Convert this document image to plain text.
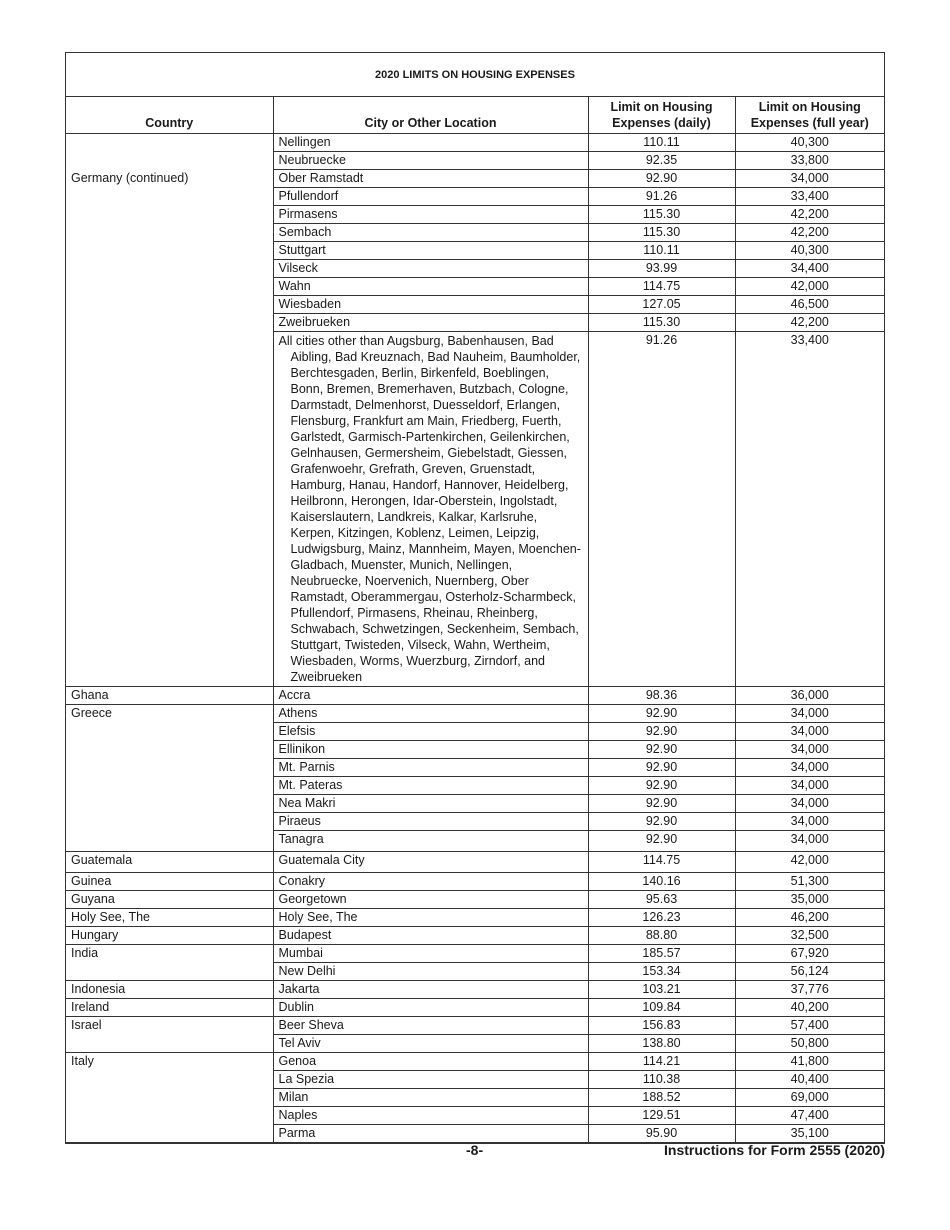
2020 LIMITS ON HOUSING EXPENSES
Country	City or Other Location	Limit on Housing Expenses (daily)	Limit on Housing Expenses (full year)
	Nellingen	110.11	40,300
	Neubruecke	92.35	33,800
Germany (continued)	Ober Ramstadt	92.90	34,000
	Pfullendorf	91.26	33,400
	Pirmasens	115.30	42,200
	Sembach	115.30	42,200
	Stuttgart	110.11	40,300
	Vilseck	93.99	34,400
	Wahn	114.75	42,000
	Wiesbaden	127.05	46,500
	Zweibrueken	115.30	42,200

	All cities other than Augsburg, Babenhausen, Bad Aibling, Bad Kreuznach, Bad Nauheim, Baumholder, Berchtesgaden, Berlin, Birkenfeld, Boeblingen, Bonn, Bremen, Bremerhaven, Butzbach, Cologne, Darmstadt, Delmenhorst, Duesseldorf, Erlangen, Flensburg, Frankfurt am Main, Friedberg, Fuerth, Garlstedt, Garmisch-Partenkirchen, Geilenkirchen, Gelnhausen, Germersheim, Giebelstadt, Giessen, Grafenwoehr, Grefrath, Greven, Gruenstadt, Hamburg, Hanau, Handorf, Hannover, Heidelberg, Heilbronn, Herongen, Idar-Oberstein, Ingolstadt, Kaiserslautern, Landkreis, Kalkar, Karlsruhe, Kerpen, Kitzingen, Koblenz, Leimen, Leipzig, Ludwigsburg, Mainz, Mannheim, Mayen, Moenchen-Gladbach, Muenster, Munich, Nellingen, Neubruecke, Noervenich, Nuernberg, Ober Ramstadt, Oberammergau, Osterholz-Scharmbeck, Pfullendorf, Pirmasens, Rheinau, Rheinberg, Schwabach, Schwetzingen, Seckenheim, Sembach, Stuttgart, Twisteden, Vilseck, Wahn, Wertheim, Wiesbaden, Worms, Wuerzburg, Zirndorf, and Zweibrueken	91.26	33,400
Ghana	Accra	98.36	36,000
Greece	Athens	92.90	34,000
	Elefsis	92.90	34,000
	Ellinikon	92.90	34,000
	Mt. Parnis	92.90	34,000
	Mt. Pateras	92.90	34,000
	Nea Makri	92.90	34,000
	Piraeus	92.90	34,000
	Tanagra	92.90	34,000
Guatemala	Guatemala City	114.75	42,000
Guinea	Conakry	140.16	51,300
Guyana	Georgetown	95.63	35,000
Holy See, The	Holy See, The	126.23	46,200
Hungary	Budapest	88.80	32,500
India	Mumbai	185.57	67,920
	New Delhi	153.34	56,124
Indonesia	Jakarta	103.21	37,776
Ireland	Dublin	109.84	40,200
Israel	Beer Sheva	156.83	57,400
	Tel Aviv	138.80	50,800
Italy	Genoa	114.21	41,800
	La Spezia	110.38	40,400
	Milan	188.52	69,000
	Naples	129.51	47,400
	Parma	95.90	35,100
-8-	Instructions for Form 2555 (2020)
